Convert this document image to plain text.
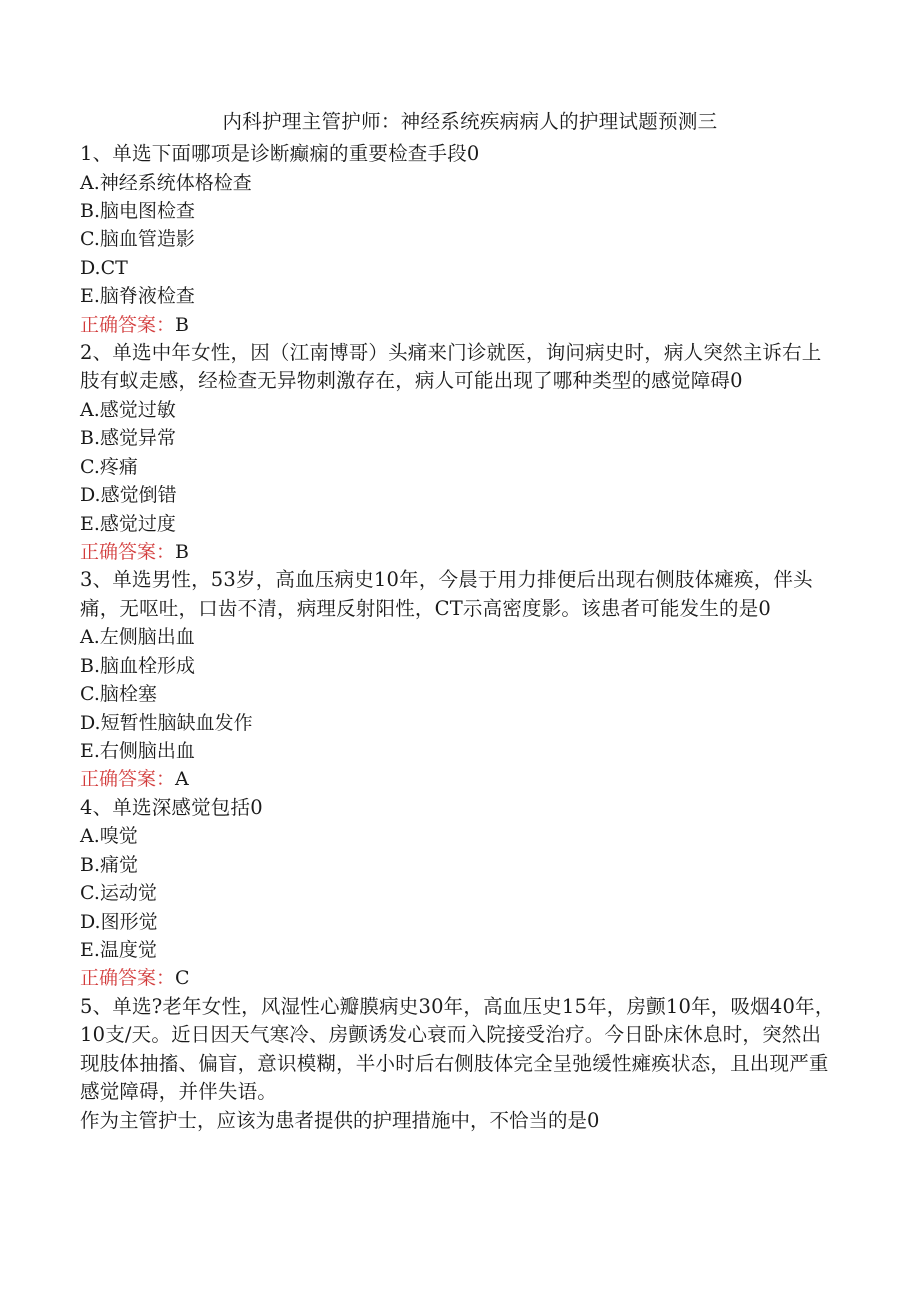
内科护理主管护师：神经系统疾病病人的护理试题预测三
1、单选下面哪项是诊断癫痫的重要检查手段0
A.神经系统体格检查
B.脑电图检查
C.脑血管造影
D.CT
E.脑脊液检查
正确答案：B
2、单选中年女性，因（江南博哥）头痛来门诊就医，询问病史时，病人突然主诉右上肢有蚁走感，经检查无异物刺激存在，病人可能出现了哪种类型的感觉障碍0
A.感觉过敏
B.感觉异常
C.疼痛
D.感觉倒错
E.感觉过度
正确答案：B
3、单选男性，53岁，高血压病史10年，今晨于用力排便后出现右侧肢体瘫痪，伴头痛，无呕吐，口齿不清，病理反射阳性，CT示高密度影。该患者可能发生的是0
A.左侧脑出血
B.脑血栓形成
C.脑栓塞
D.短暂性脑缺血发作
E.右侧脑出血
正确答案：A
4、单选深感觉包括0
A.嗅觉
B.痛觉
C.运动觉
D.图形觉
E.温度觉
正确答案：C
5、单选?老年女性，风湿性心瓣膜病史30年，高血压史15年，房颤10年，吸烟40年，10支/天。近日因天气寒冷、房颤诱发心衰而入院接受治疗。今日卧床休息时，突然出现肢体抽搐、偏盲，意识模糊，半小时后右侧肢体完全呈弛缓性瘫痪状态，且出现严重感觉障碍，并伴失语。
作为主管护士，应该为患者提供的护理措施中，不恰当的是0
